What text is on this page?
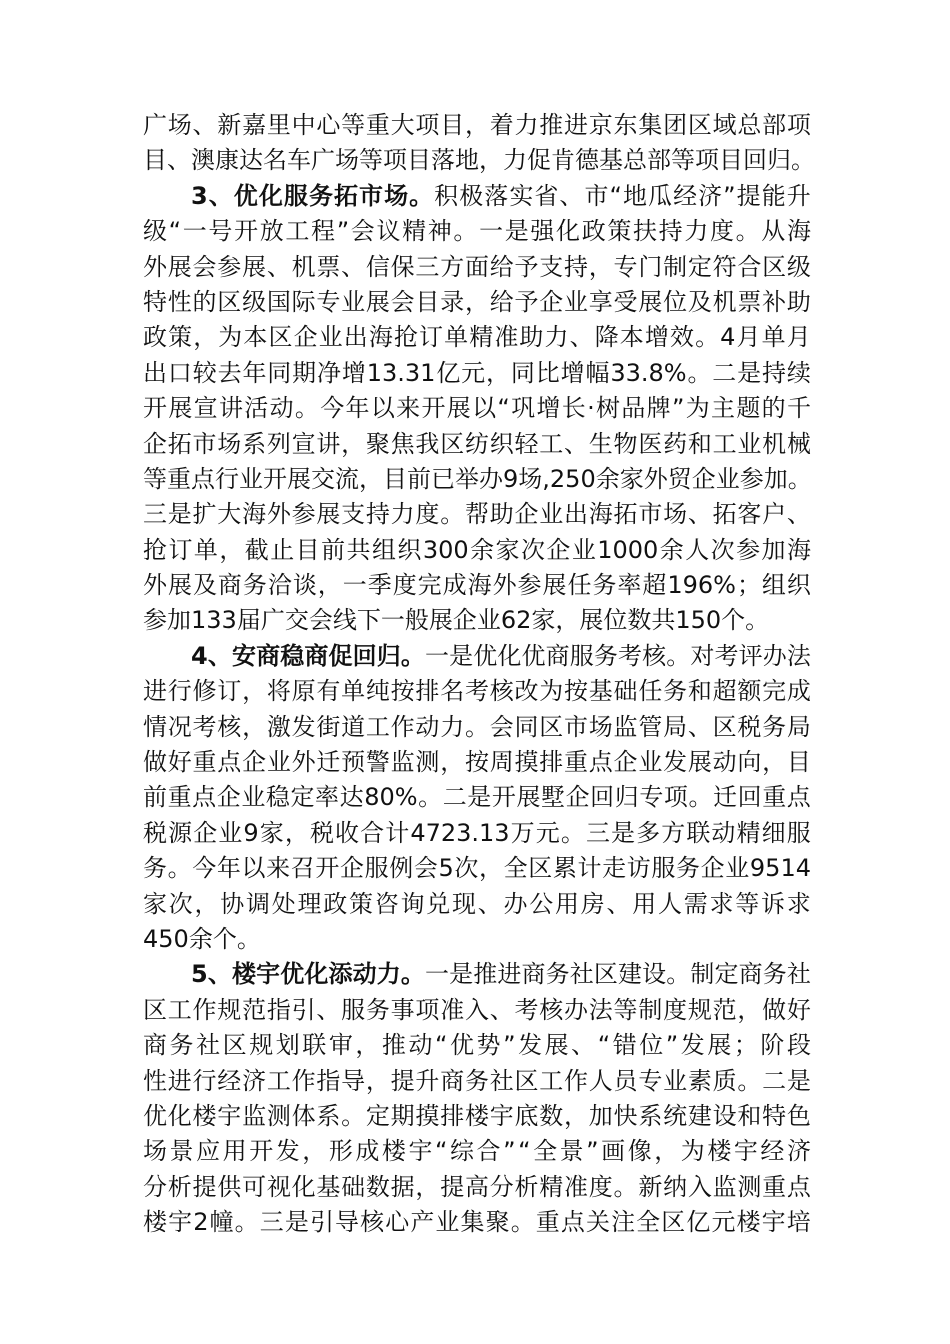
广 场 、 新 嘉 里 中 心 等 重 大 项 目 ， 着 力 推 进 京 东 集 团 区 域 总 部 项
目 、 澳 康 达 名 车 广 场 等 项 目 落 地 ， 力 促 肯 德 基 总 部 等 项 目 回 归 。
3 、 优 化 服 务 拓 市 场 。 积 极 落 实 省 、 市 “ 地 瓜 经 济 ” 提 能 升
级 “ 一 号 开 放 工 程 ” 会 议 精 神 。 一 是 强 化 政 策 扶 持 力 度 。 从 海
外 展 会 参 展 、 机 票 、 信 保 三 方 面 给 予 支 持 ， 专 门 制 定 符 合 区 级
特 性 的 区 级 国 际 专 业 展 会 目 录 ， 给 予 企 业 享 受 展 位 及 机 票 补 助
政 策 ， 为 本 区 企 业 出 海 抢 订 单 精 准 助 力 、 降 本 增 效 。 4 月 单 月
出 口 较 去 年 同 期 净 增 13.31 亿 元 ， 同 比 增 幅 33.8% 。 二 是 持 续
开 展 宣 讲 活 动 。 今 年 以 来 开 展 以 “ 巩 增 长 · 树 品 牌 ” 为 主 题 的 千
企 拓 市 场 系 列 宣 讲 ， 聚 焦 我 区 纺 织 轻 工 、 生 物 医 药 和 工 业 机 械
等 重 点 行 业 开 展 交 流 ， 目 前 已 举 办 9 场 ,250 余 家 外 贸 企 业 参 加 。
三 是 扩 大 海 外 参 展 支 持 力 度 。 帮 助 企 业 出 海 拓 市 场 、 拓 客 户 、
抢 订 单 ， 截 止 目 前 共 组 织 300 余 家 次 企 业 1000 余 人 次 参 加 海
外 展 及 商 务 洽 谈 ， 一 季 度 完 成 海 外 参 展 任 务 率 超 196% ； 组 织
参 加 133 届 广 交 会 线 下 一 般 展 企 业 62 家 ， 展 位 数 共 150 个 。
4 、 安 商 稳 商 促 回 归 。 一 是 优 化 优 商 服 务 考 核 。 对 考 评 办 法
进 行 修 订 ， 将 原 有 单 纯 按 排 名 考 核 改 为 按 基 础 任 务 和 超 额 完 成
情 况 考 核 ， 激 发 街 道 工 作 动 力 。 会 同 区 市 场 监 管 局 、 区 税 务 局
做 好 重 点 企 业 外 迁 预 警 监 测 ， 按 周 摸 排 重 点 企 业 发 展 动 向 ， 目
前 重 点 企 业 稳 定 率 达 80% 。 二 是 开 展 墅 企 回 归 专 项 。 迁 回 重 点
税 源 企 业 9 家 ， 税 收 合 计 4723.13 万 元 。 三 是 多 方 联 动 精 细 服
务 。 今 年 以 来 召 开 企 服 例 会 5 次 ， 全 区 累 计 走 访 服 务 企 业 9514
家 次 ， 协 调 处 理 政 策 咨 询 兑 现 、 办 公 用 房 、 用 人 需 求 等 诉 求
450 余 个 。
5 、 楼 宇 优 化 添 动 力 。 一 是 推 进 商 务 社 区 建 设 。 制 定 商 务 社
区 工 作 规 范 指 引 、 服 务 事 项 准 入 、 考 核 办 法 等 制 度 规 范 ， 做 好
商 务 社 区 规 划 联 审 ， 推 动 “ 优 势 ” 发 展 、 “ 错 位 ” 发 展 ； 阶 段
性 进 行 经 济 工 作 指 导 ， 提 升 商 务 社 区 工 作 人 员 专 业 素 质 。 二 是
优 化 楼 宇 监 测 体 系 。 定 期 摸 排 楼 宇 底 数 ， 加 快 系 统 建 设 和 特 色
场 景 应 用 开 发 ， 形 成 楼 宇 “ 综 合 ” “ 全 景 ” 画 像 ， 为 楼 宇 经 济
分 析 提 供 可 视 化 基 础 数 据 ， 提 高 分 析 精 准 度 。 新 纳 入 监 测 重 点
楼 宇 2 幢 。 三 是 引 导 核 心 产 业 集 聚 。 重 点 关 注 全 区 亿 元 楼 宇 培
